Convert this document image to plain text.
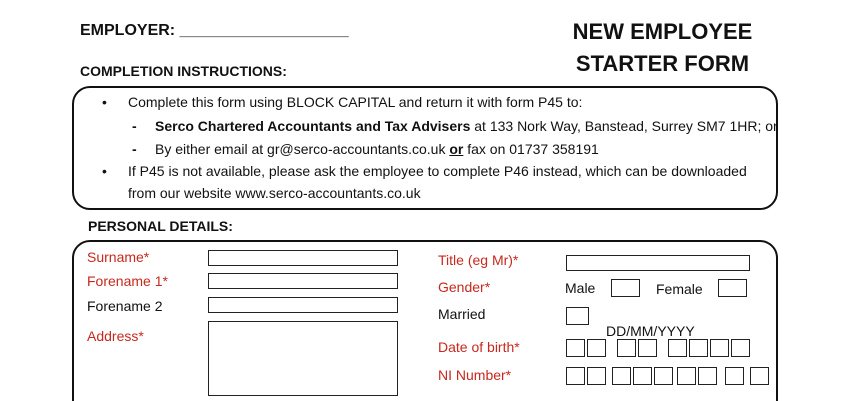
EMPLOYER: ___________________	NEW EMPLOYEE
STARTER FORM
COMPLETION INSTRUCTIONS:
• Complete this form using BLOCK CAPITAL and return it with form P45 to:
- Serco Chartered Accountants and Tax Advisers at 133 Nork Way, Banstead, Surrey SM7 1HR; or
- By either email at gr@serco-accountants.co.uk or fax on 01737 358191
• If P45 is not available, please ask the employee to complete P46 instead, which can be downloaded
from our website www.serco-accountants.co.uk
PERSONAL DETAILS:
Surname*
Forename 1*
Forename 2
Address*
Title (eg Mr)*
Gender*	Male	Female
Married
DD/MM/YYYY
Date of birth*
NI Number*
